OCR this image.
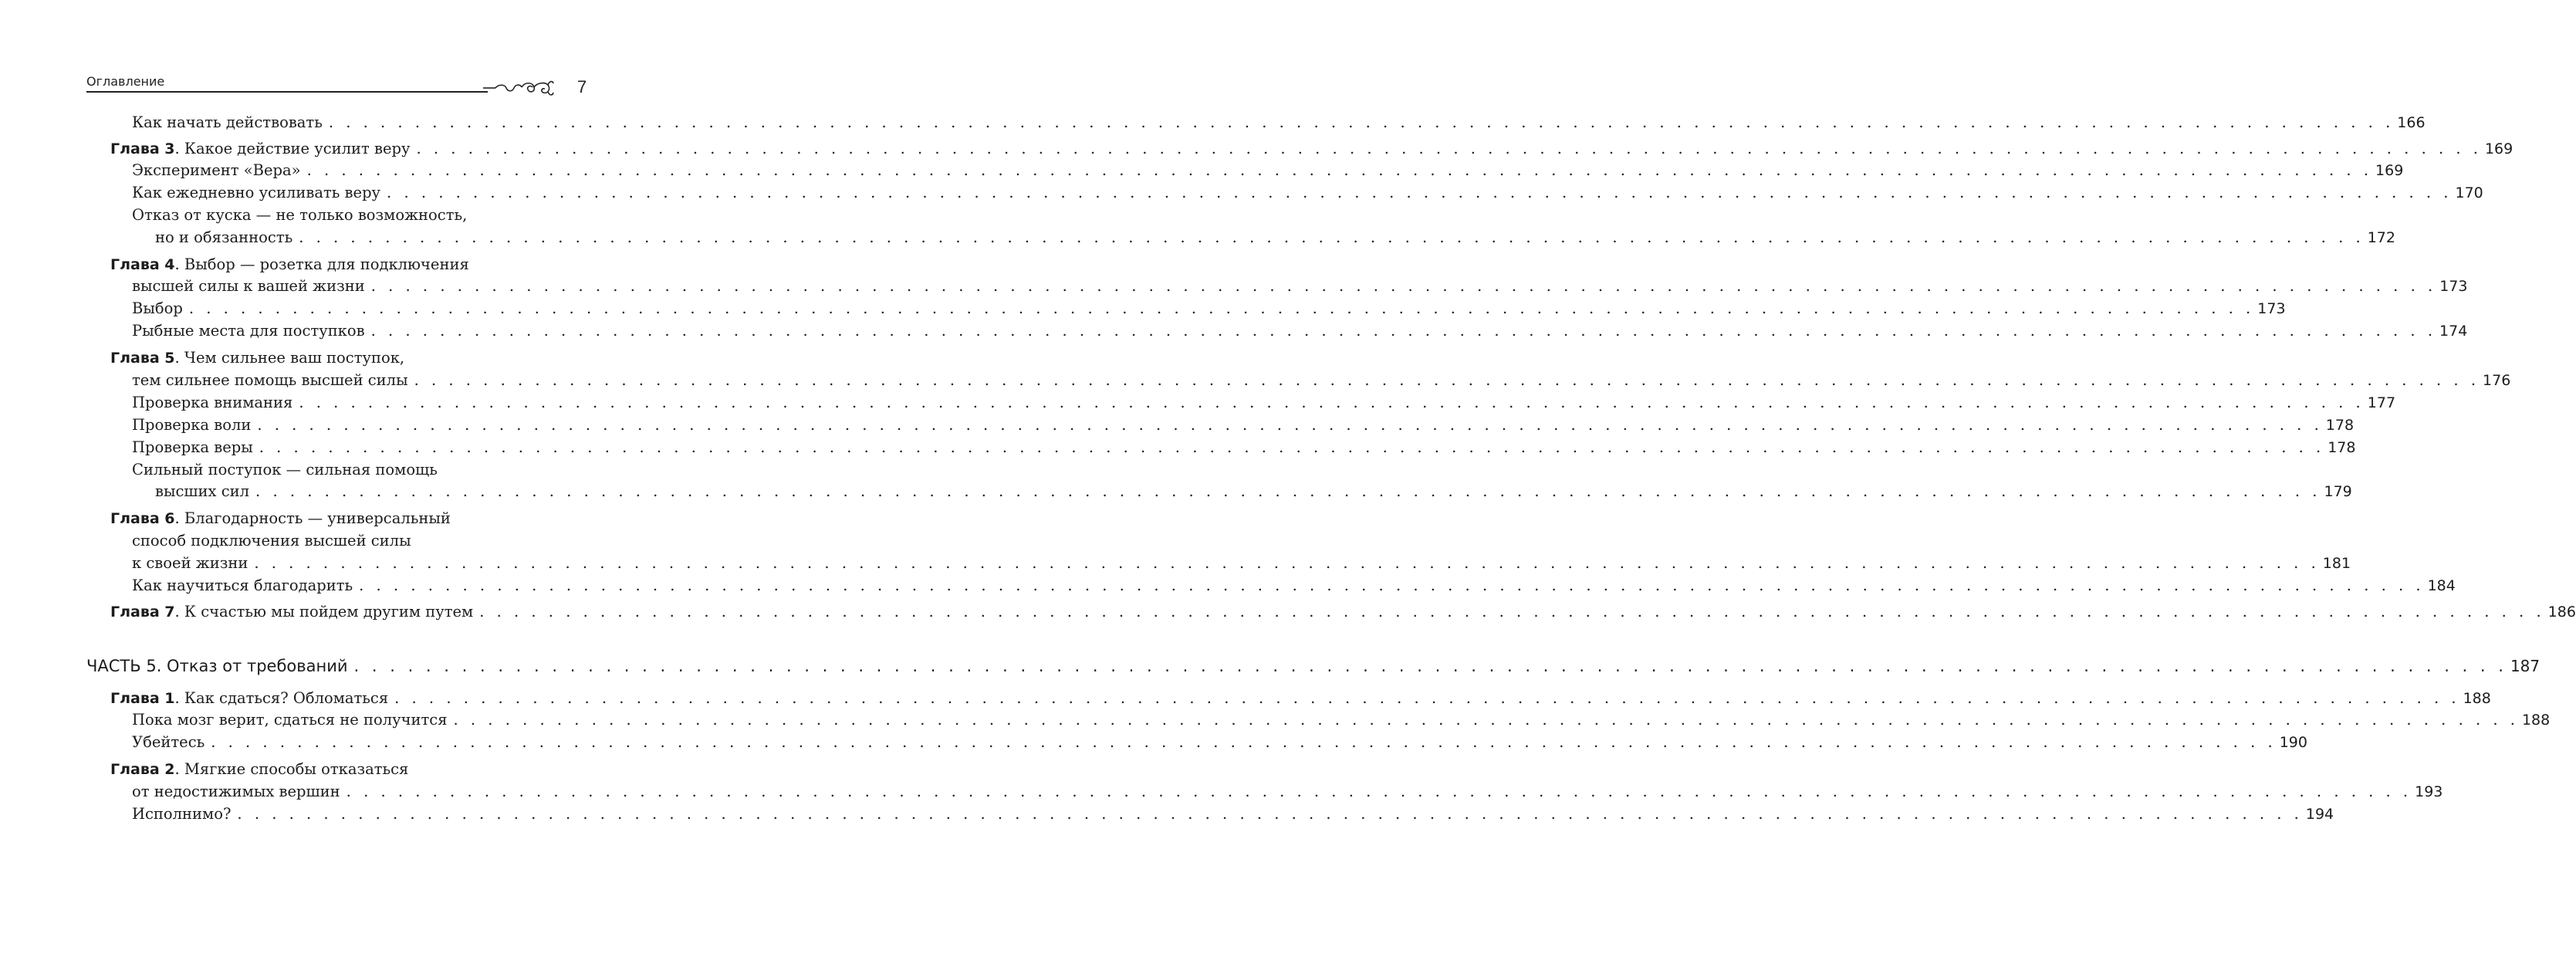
Оглавление	7
Как начать действовать . . . . . . . . . . . . . . . . . . . . . . . . . . . . . . . . . . . . . . . . . . . . . . . . . . . . . . . . . . . . . . . . . . . . . . . . . . . . . . . . . . . . . . . . . . . . . . . . . . . . . . . . . . . . . . . . . . . . . . . . 166
Глава 3. Какое действие усилит веру . . . . . . . . . . . . . . . . . . . . . . . . . . . . . . . . . . . . . . . . . . . . . . . . . . . . . . . . . . . . . . . . . . . . . . . . . . . . . . . . . . . . . . . . . . . . . . . . . . . . . . . . . . . . . . . . . . . . . . . . 169
Эксперимент «Вера» . . . . . . . . . . . . . . . . . . . . . . . . . . . . . . . . . . . . . . . . . . . . . . . . . . . . . . . . . . . . . . . . . . . . . . . . . . . . . . . . . . . . . . . . . . . . . . . . . . . . . . . . . . . . . . . . . . . . . . . . 169
Как ежедневно усиливать веру . . . . . . . . . . . . . . . . . . . . . . . . . . . . . . . . . . . . . . . . . . . . . . . . . . . . . . . . . . . . . . . . . . . . . . . . . . . . . . . . . . . . . . . . . . . . . . . . . . . . . . . . . . . . . . . . . . . . . . . . 170
Отказ от куска — не только возможность,
но и обязанность . . . . . . . . . . . . . . . . . . . . . . . . . . . . . . . . . . . . . . . . . . . . . . . . . . . . . . . . . . . . . . . . . . . . . . . . . . . . . . . . . . . . . . . . . . . . . . . . . . . . . . . . . . . . . . . . . . . . . . . . 172
Глава 4. Выбор — розетка для подключения
высшей силы к вашей жизни . . . . . . . . . . . . . . . . . . . . . . . . . . . . . . . . . . . . . . . . . . . . . . . . . . . . . . . . . . . . . . . . . . . . . . . . . . . . . . . . . . . . . . . . . . . . . . . . . . . . . . . . . . . . . . . . . . . . . . . . 173
Выбор . . . . . . . . . . . . . . . . . . . . . . . . . . . . . . . . . . . . . . . . . . . . . . . . . . . . . . . . . . . . . . . . . . . . . . . . . . . . . . . . . . . . . . . . . . . . . . . . . . . . . . . . . . . . . . . . . . . . . . . . 173
Рыбные места для поступков . . . . . . . . . . . . . . . . . . . . . . . . . . . . . . . . . . . . . . . . . . . . . . . . . . . . . . . . . . . . . . . . . . . . . . . . . . . . . . . . . . . . . . . . . . . . . . . . . . . . . . . . . . . . . . . . . . . . . . . . 174
Глава 5. Чем сильнее ваш поступок,
тем сильнее помощь высшей силы . . . . . . . . . . . . . . . . . . . . . . . . . . . . . . . . . . . . . . . . . . . . . . . . . . . . . . . . . . . . . . . . . . . . . . . . . . . . . . . . . . . . . . . . . . . . . . . . . . . . . . . . . . . . . . . . . . . . . . . . 176
Проверка внимания . . . . . . . . . . . . . . . . . . . . . . . . . . . . . . . . . . . . . . . . . . . . . . . . . . . . . . . . . . . . . . . . . . . . . . . . . . . . . . . . . . . . . . . . . . . . . . . . . . . . . . . . . . . . . . . . . . . . . . . . 177
Проверка воли . . . . . . . . . . . . . . . . . . . . . . . . . . . . . . . . . . . . . . . . . . . . . . . . . . . . . . . . . . . . . . . . . . . . . . . . . . . . . . . . . . . . . . . . . . . . . . . . . . . . . . . . . . . . . . . . . . . . . . . . 178
Проверка веры . . . . . . . . . . . . . . . . . . . . . . . . . . . . . . . . . . . . . . . . . . . . . . . . . . . . . . . . . . . . . . . . . . . . . . . . . . . . . . . . . . . . . . . . . . . . . . . . . . . . . . . . . . . . . . . . . . . . . . . . 178
Сильный поступок — сильная помощь
высших сил . . . . . . . . . . . . . . . . . . . . . . . . . . . . . . . . . . . . . . . . . . . . . . . . . . . . . . . . . . . . . . . . . . . . . . . . . . . . . . . . . . . . . . . . . . . . . . . . . . . . . . . . . . . . . . . . . . . . . . . . 179
Глава 6. Благодарность — универсальный
способ подключения высшей силы
к своей жизни . . . . . . . . . . . . . . . . . . . . . . . . . . . . . . . . . . . . . . . . . . . . . . . . . . . . . . . . . . . . . . . . . . . . . . . . . . . . . . . . . . . . . . . . . . . . . . . . . . . . . . . . . . . . . . . . . . . . . . . . 181
Как научиться благодарить . . . . . . . . . . . . . . . . . . . . . . . . . . . . . . . . . . . . . . . . . . . . . . . . . . . . . . . . . . . . . . . . . . . . . . . . . . . . . . . . . . . . . . . . . . . . . . . . . . . . . . . . . . . . . . . . . . . . . . . . 184
Глава 7. К счастью мы пойдем другим путем . . . . . . . . . . . . . . . . . . . . . . . . . . . . . . . . . . . . . . . . . . . . . . . . . . . . . . . . . . . . . . . . . . . . . . . . . . . . . . . . . . . . . . . . . . . . . . . . . . . . . . . . . . . . . . . . . . . . . . . . 186
ЧАСТЬ 5. Отказ от требований . . . . . . . . . . . . . . . . . . . . . . . . . . . . . . . . . . . . . . . . . . . . . . . . . . . . . . . . . . . . . . . . . . . . . . . . . . . . . . . . . . . . . . . . . . . . . . . . . . . . . . . . . . . . . . . . . . . . . . . . 187
Глава 1. Как сдаться? Обломаться . . . . . . . . . . . . . . . . . . . . . . . . . . . . . . . . . . . . . . . . . . . . . . . . . . . . . . . . . . . . . . . . . . . . . . . . . . . . . . . . . . . . . . . . . . . . . . . . . . . . . . . . . . . . . . . . . . . . . . . . 188
Пока мозг верит, сдаться не получится . . . . . . . . . . . . . . . . . . . . . . . . . . . . . . . . . . . . . . . . . . . . . . . . . . . . . . . . . . . . . . . . . . . . . . . . . . . . . . . . . . . . . . . . . . . . . . . . . . . . . . . . . . . . . . . . . . . . . . . . 188
Убейтесь . . . . . . . . . . . . . . . . . . . . . . . . . . . . . . . . . . . . . . . . . . . . . . . . . . . . . . . . . . . . . . . . . . . . . . . . . . . . . . . . . . . . . . . . . . . . . . . . . . . . . . . . . . . . . . . . . . . . . . . . 190
Глава 2. Мягкие способы отказаться
от недостижимых вершин . . . . . . . . . . . . . . . . . . . . . . . . . . . . . . . . . . . . . . . . . . . . . . . . . . . . . . . . . . . . . . . . . . . . . . . . . . . . . . . . . . . . . . . . . . . . . . . . . . . . . . . . . . . . . . . . . . . . . . . . 193
Исполнимо? . . . . . . . . . . . . . . . . . . . . . . . . . . . . . . . . . . . . . . . . . . . . . . . . . . . . . . . . . . . . . . . . . . . . . . . . . . . . . . . . . . . . . . . . . . . . . . . . . . . . . . . . . . . . . . . . . . . . . . . . 194
